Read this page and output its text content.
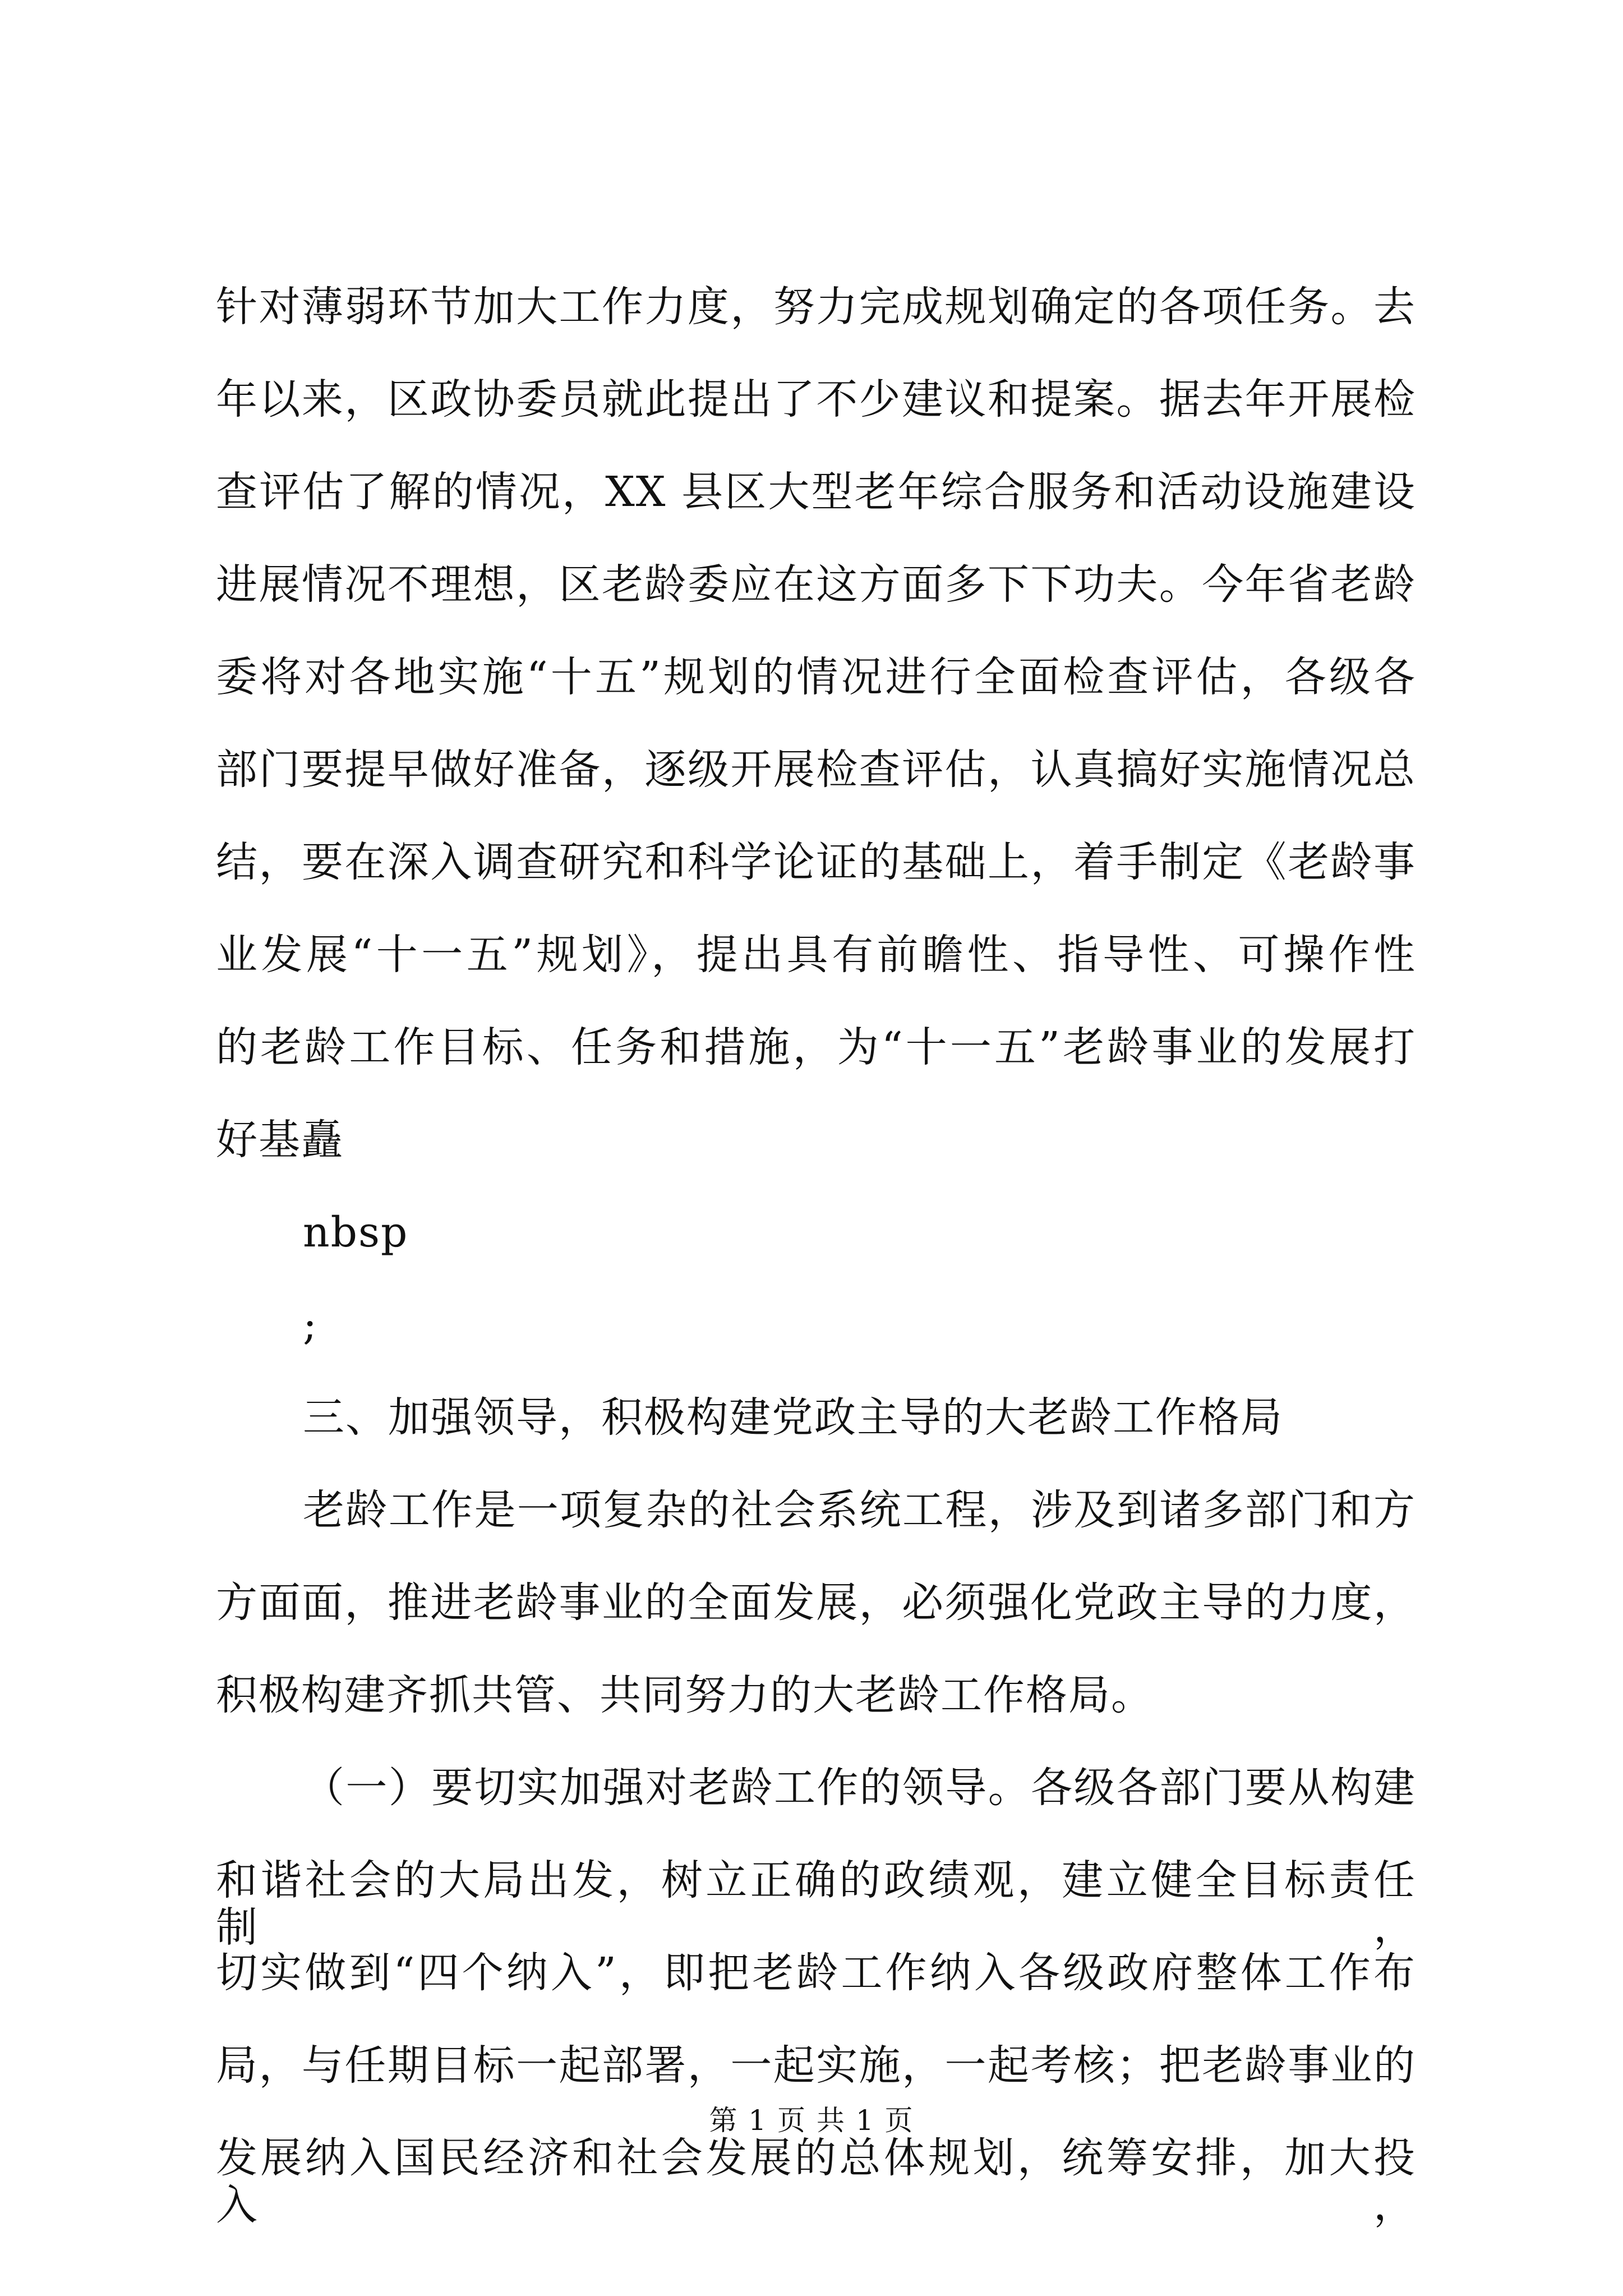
针对薄弱环节加大工作力度，努力完成规划确定的各项任务。去
年以来，区政协委员就此提出了不少建议和提案。据去年开展检
查评估了解的情况，XX 县区大型老年综合服务和活动设施建设
进展情况不理想，区老龄委应在这方面多下下功夫。今年省老龄
委将对各地实施“十五”规划的情况进行全面检查评估，各级各
部门要提早做好准备，逐级开展检查评估，认真搞好实施情况总
结，要在深入调查研究和科学论证的基础上，着手制定《老龄事
业发展“十一五”规划》，提出具有前瞻性、指导性、可操作性
的老龄工作目标、任务和措施，为“十一五”老龄事业的发展打
好基矗
nbsp
;
三、加强领导，积极构建党政主导的大老龄工作格局
老龄工作是一项复杂的社会系统工程，涉及到诸多部门和方
方面面，推进老龄事业的全面发展，必须强化党政主导的力度，
积极构建齐抓共管、共同努力的大老龄工作格局。
（一）要切实加强对老龄工作的领导。各级各部门要从构建
和谐社会的大局出发，树立正确的政绩观，建立健全目标责任制，
切实做到“四个纳入”，即把老龄工作纳入各级政府整体工作布
局，与任期目标一起部署，一起实施，一起考核；把老龄事业的
发展纳入国民经济和社会发展的总体规划，统筹安排，加大投入，
第 1 页 共 1 页
